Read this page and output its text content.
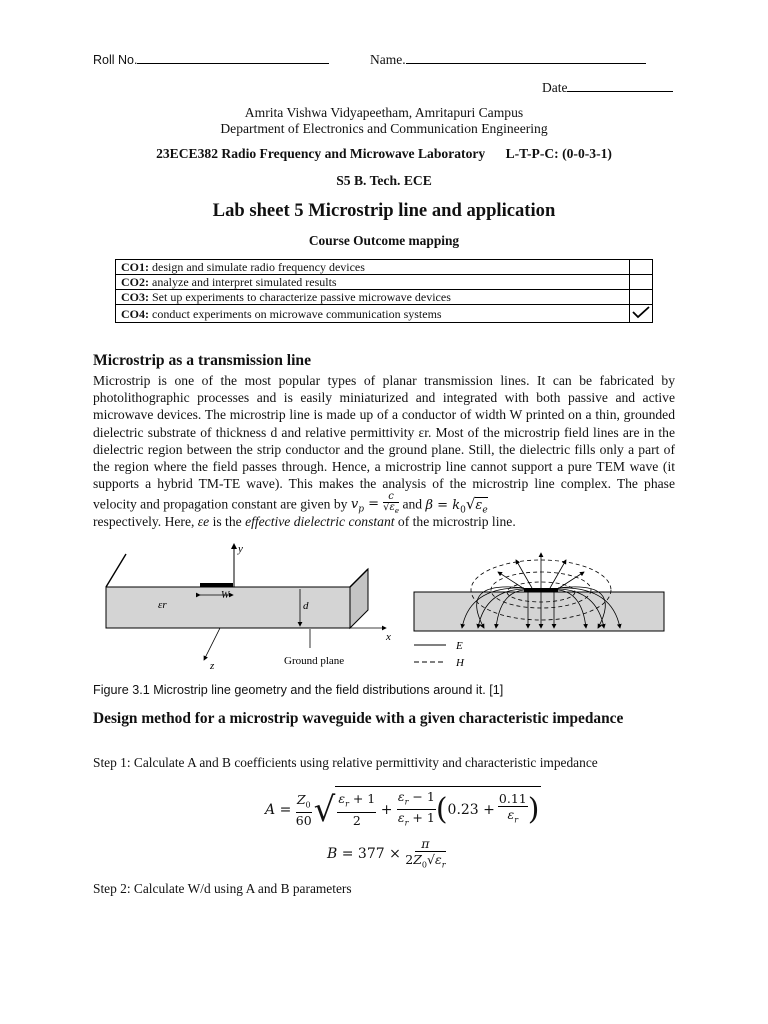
Roll No.	Name.
Date
Amrita Vishwa Vidyapeetham, Amritapuri Campus
Department of Electronics and Communication Engineering
23ECE382 Radio Frequency and Microwave Laboratory      L-T-P-C: (0-0-3-1)
S5 B. Tech. ECE
Lab sheet 5 Microstrip line and application
Course Outcome mapping
CO1: design and simulate radio frequency devices	
CO2: analyze and interpret simulated results	
CO3: Set up experiments to characterize passive microwave devices	
CO4: conduct experiments on microwave communication systems	
Microstrip as a transmission line
Microstrip is one of the most popular types of planar transmission lines. It can be fabricated by photolithographic processes and is easily miniaturized and integrated with both passive and active microwave devices. The microstrip line is made up of a conductor of width W printed on a thin, grounded dielectric substrate of thickness d and relative permittivity εr. Most of the microstrip field lines are in the dielectric region between the strip conductor and the ground plane. Still, the dielectric fills only a part of the region where the field passes through. Hence, a microstrip line cannot support a pure TEM wave (it supports a hybrid TM-TE wave). This makes the analysis of the microstrip line complex. The phase velocity and propagation constant are given by $v_p = \frac{c}{√\varepsilon_e}$ and $\beta = k_0√\varepsilon_e$
respectively. Here, εe is the effective dielectric constant of the microstrip line.
y
W
εr	d
x
z	Ground plane
E
H
Figure 3.1 Microstrip line geometry and the field distributions around it. [1]
Design method for a microstrip waveguide with a given characteristic impedance
Step 1: Calculate A and B coefficients using relative permittivity and characteristic impedance
A =
$Z_0$
60 √ $\varepsilon_r + 1$
2
+
$\varepsilon_r - 1$
$\varepsilon_r + 1$ ( 0.23 +
0.11
$\varepsilon_r$ )
B = 377 ×
π
$2Z_0√\varepsilon_r$
Step 2: Calculate W/d using A and B parameters
